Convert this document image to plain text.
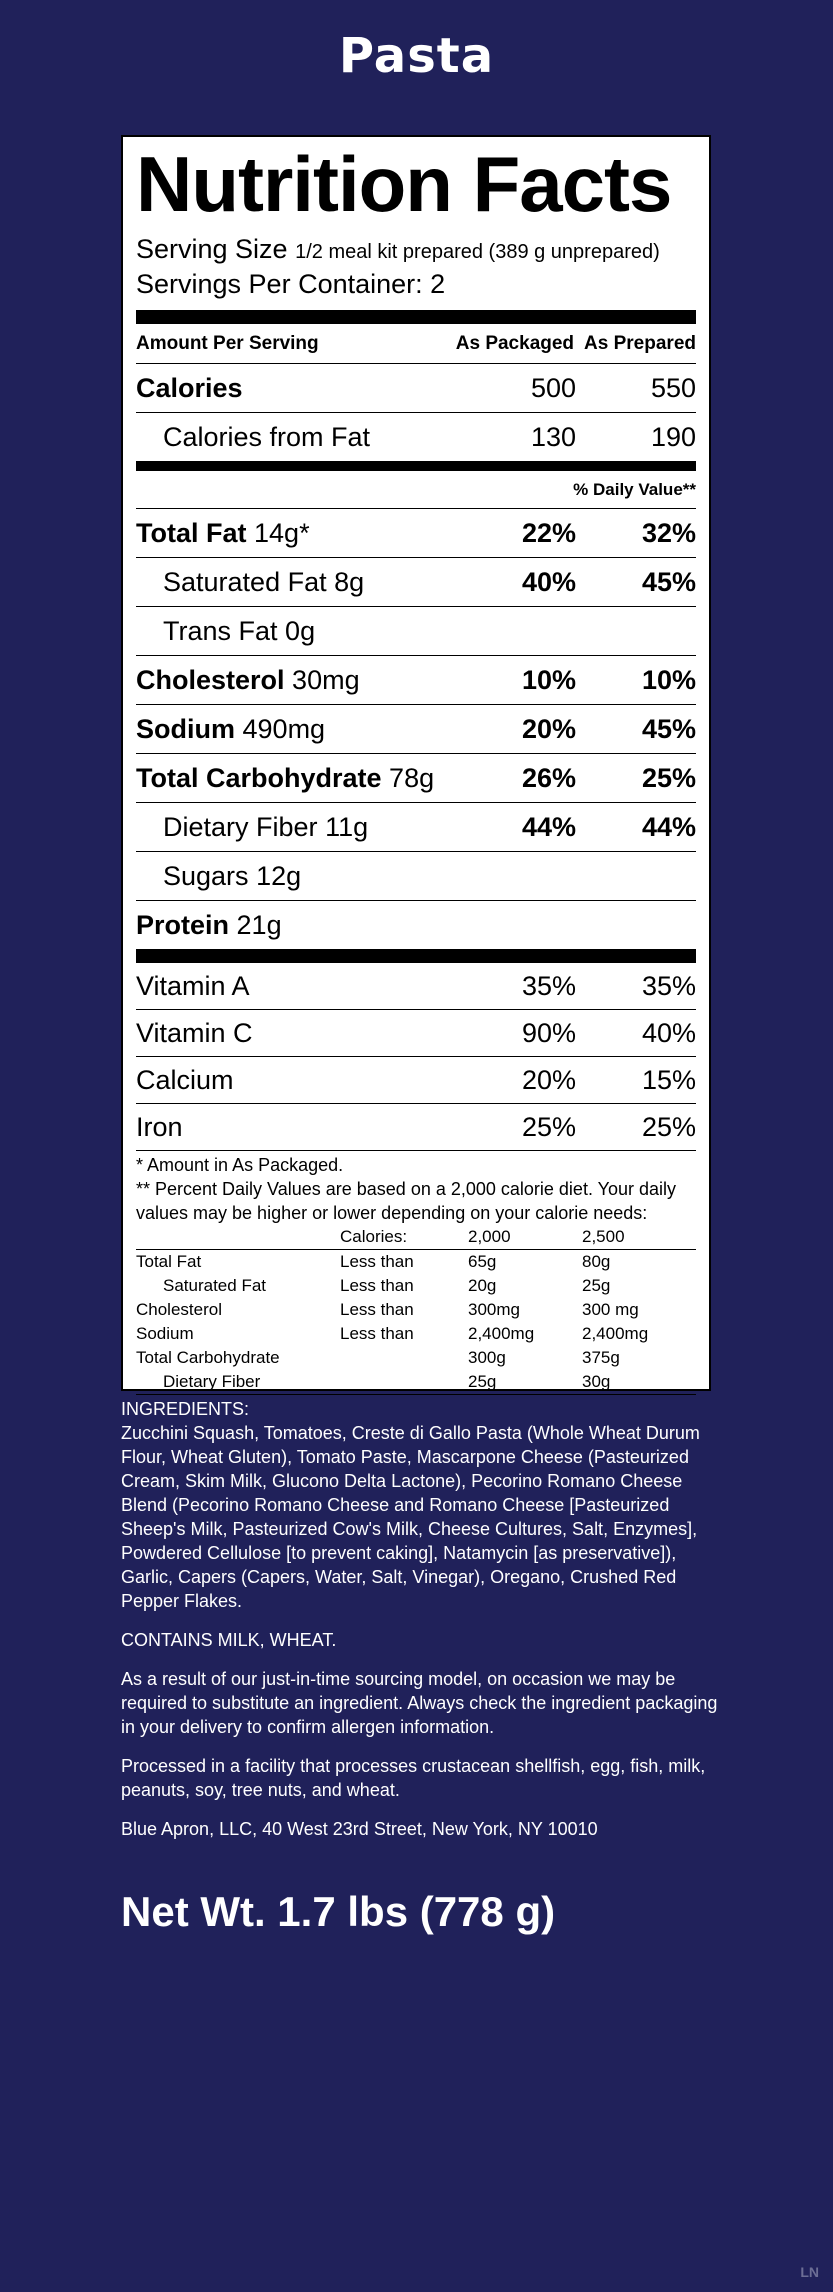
Pasta
Nutrition Facts
Serving Size 1/2 meal kit prepared (389 g unprepared)
Servings Per Container: 2
Amount Per Serving	As Packaged As Prepared
Calories	500	550
Calories from Fat	130	190
% Daily Value**
Total Fat 14g*	22%	32%
Saturated Fat 8g	40%	45%
Trans Fat 0g
Cholesterol 30mg	10%	10%
Sodium 490mg	20%	45%
Total Carbohydrate 78g	26%	25%
Dietary Fiber 11g	44%	44%
Sugars 12g
Protein 21g
Vitamin A	35%	35%
Vitamin C	90%	40%
Calcium	20%	15%
Iron	25%	25%
* Amount in As Packaged.
** Percent Daily Values are based on a 2,000 calorie diet. Your daily values may be higher or lower depending on your calorie needs:
	Calories:	2,000	2,500
Total Fat	Less than	65g	80g
Saturated Fat	Less than	20g	25g
Cholesterol	Less than	300mg	300 mg
Sodium	Less than	2,400mg	2,400mg
Total Carbohydrate		300g	375g
Dietary Fiber		25g	30g

INGREDIENTS:
Zucchini Squash, Tomatoes, Creste di Gallo Pasta (Whole Wheat Durum Flour, Wheat Gluten), Tomato Paste, Mascarpone Cheese (Pasteurized Cream, Skim Milk, Glucono Delta Lactone), Pecorino Romano Cheese Blend (Pecorino Romano Cheese and Romano Cheese [Pasteurized Sheep's Milk, Pasteurized Cow's Milk, Cheese Cultures, Salt, Enzymes], Powdered Cellulose [to prevent caking], Natamycin [as preservative]), Garlic, Capers (Capers, Water, Salt, Vinegar), Oregano, Crushed Red Pepper Flakes.

CONTAINS MILK, WHEAT.

As a result of our just-in-time sourcing model, on occasion we may be required to substitute an ingredient. Always check the ingredient packaging in your delivery to confirm allergen information.

Processed in a facility that processes crustacean shellfish, egg, fish, milk, peanuts, soy, tree nuts, and wheat.

Blue Apron, LLC, 40 West 23rd Street, New York, NY 10010

Net Wt. 1.7 lbs (778 g)
LN
